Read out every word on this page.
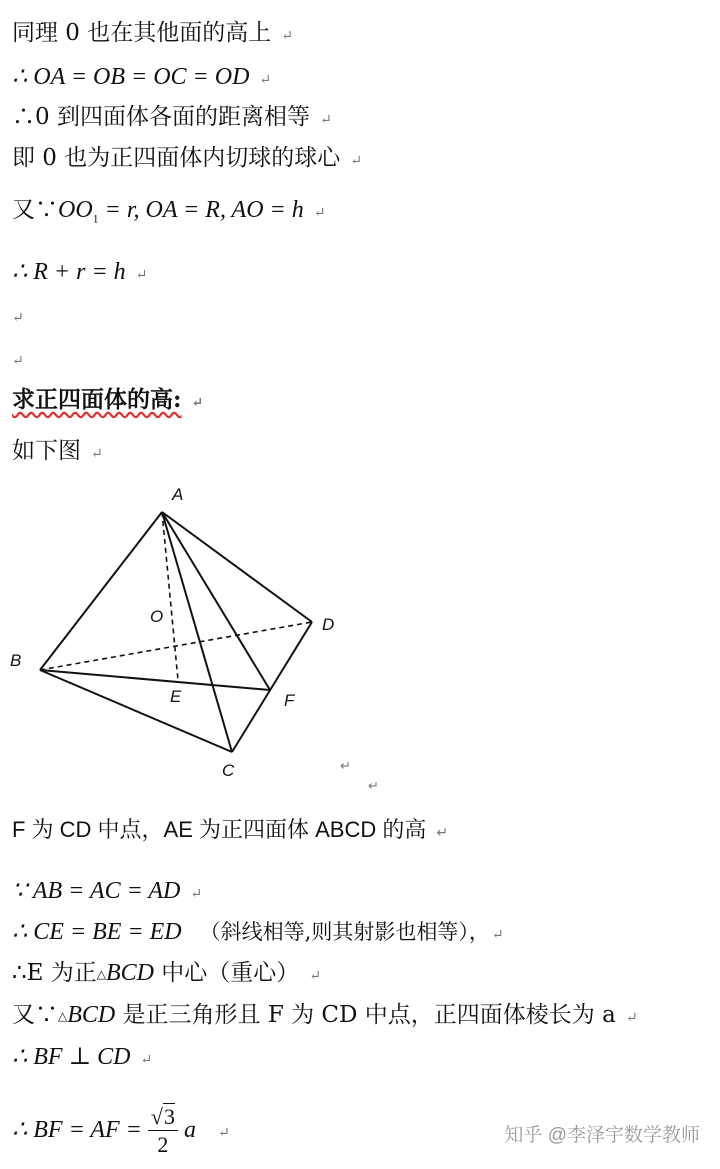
同理 0 也在其他面的高上 ↵
∴ OA = OB = OC = OD ↵
∴0 到四面体各面的距离相等 ↵
即 0 也为正四面体内切球的球心 ↵
又$\because OO_1 = r$, OA = R, AO = h ↵
∴ R + r = h ↵
↵
↵
求正四面体的高: ↵
如下图 ↵
A
B
C
D
E	F
O
↵
↵
F 为 CD 中点，AE 为正四面体 ABCD 的高 ↵
∵ AB = AC = AD ↵
∴ CE = BE = ED （斜线相等,则其射影也相等）， ↵
∴E 为正△BCD 中心（重心） ↵
又∵△BCD 是正三角形且 F 为 CD 中点，正四面体棱长为 a ↵
∴ BF ⊥ CD ↵
∴ BF = AF = $\frac{√3}{2}$ a ↵	知乎 @李泽宇数学教师
